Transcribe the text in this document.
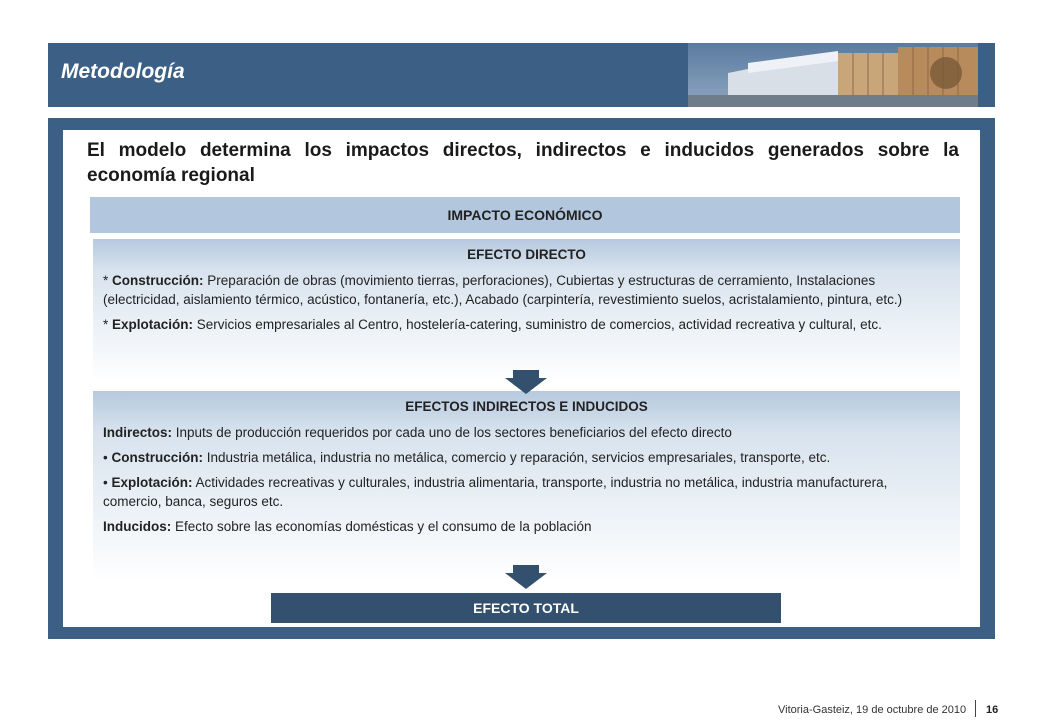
Metodología
El modelo determina los impactos directos, indirectos e inducidos generados sobre la economía regional
IMPACTO ECONÓMICO
EFECTO DIRECTO
* Construcción: Preparación de obras (movimiento tierras, perforaciones), Cubiertas y estructuras de cerramiento, Instalaciones (electricidad, aislamiento térmico, acústico, fontanería, etc.), Acabado (carpintería, revestimiento suelos, acristalamiento, pintura, etc.)
* Explotación: Servicios empresariales al Centro, hostelería-catering, suministro de comercios, actividad recreativa y cultural, etc.
EFECTOS INDIRECTOS E INDUCIDOS
Indirectos: Inputs de producción requeridos por cada uno de los sectores beneficiarios del efecto directo
• Construcción: Industria metálica, industria no metálica, comercio y reparación, servicios empresariales, transporte, etc.
• Explotación: Actividades recreativas y culturales, industria alimentaria, transporte, industria no metálica, industria manufacturera, comercio, banca, seguros etc.
Inducidos: Efecto sobre las economías domésticas y el consumo de la población
EFECTO TOTAL
Vitoria-Gasteiz, 19 de octubre de 2010 16
